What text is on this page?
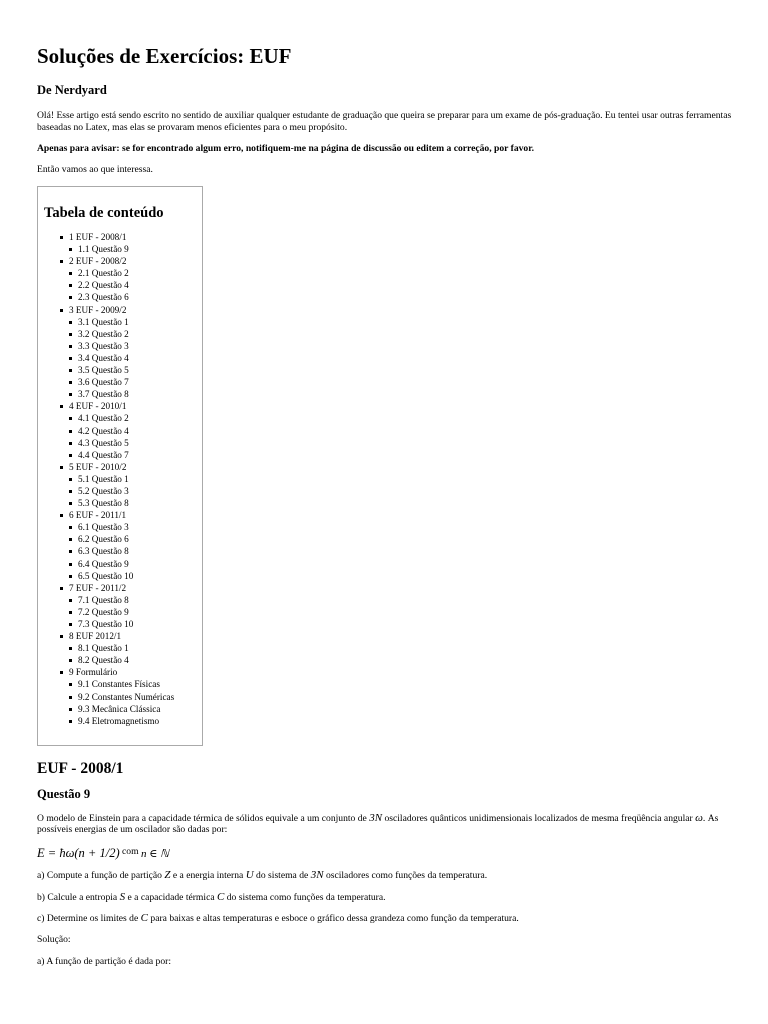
Soluções de Exercícios: EUF
De Nerdyard

Olá! Esse artigo está sendo escrito no sentido de auxiliar qualquer estudante de graduação que queira se preparar para um exame de pós-graduação. Eu tentei usar outras ferramentas baseadas no Latex, mas elas se provaram menos eficientes para o meu propósito.

Apenas para avisar: se for encontrado algum erro, notifiquem-me na página de discussão ou editem a correção, por favor.

Então vamos ao que interessa.

Tabela de conteúdo
1 EUF - 2008/1
1.1 Questão 9
2 EUF - 2008/2
2.1 Questão 2
2.2 Questão 4
2.3 Questão 6
3 EUF - 2009/2
3.1 Questão 1
3.2 Questão 2
3.3 Questão 3
3.4 Questão 4
3.5 Questão 5
3.6 Questão 7
3.7 Questão 8
4 EUF - 2010/1
4.1 Questão 2
4.2 Questão 4
4.3 Questão 5
4.4 Questão 7
5 EUF - 2010/2
5.1 Questão 1
5.2 Questão 3
5.3 Questão 8
6 EUF - 2011/1
6.1 Questão 3
6.2 Questão 6
6.3 Questão 8
6.4 Questão 9
6.5 Questão 10
7 EUF - 2011/2
7.1 Questão 8
7.2 Questão 9
7.3 Questão 10
8 EUF 2012/1
8.1 Questão 1
8.2 Questão 4
9 Formulário
9.1 Constantes Físicas
9.2 Constantes Numéricas
9.3 Mecânica Clássica
9.4 Eletromagnetismo
EUF - 2008/1
Questão 9

O modelo de Einstein para a capacidade térmica de sólidos equivale a um conjunto de 3N osciladores quânticos unidimensionais localizados de mesma freqüência angular ω. As

possíveis energias de um oscilador são dadas por:

E = ħω(n + 1/2) com n ∈ ℕ

a) Compute a função de partição Z e a energia interna U do sistema de 3N osciladores como funções da temperatura.

b) Calcule a entropia S e a capacidade térmica C do sistema como funções da temperatura.

c) Determine os limites de C para baixas e altas temperaturas e esboce o gráfico dessa grandeza como função da temperatura.

Solução:

a) A função de partição é dada por:
